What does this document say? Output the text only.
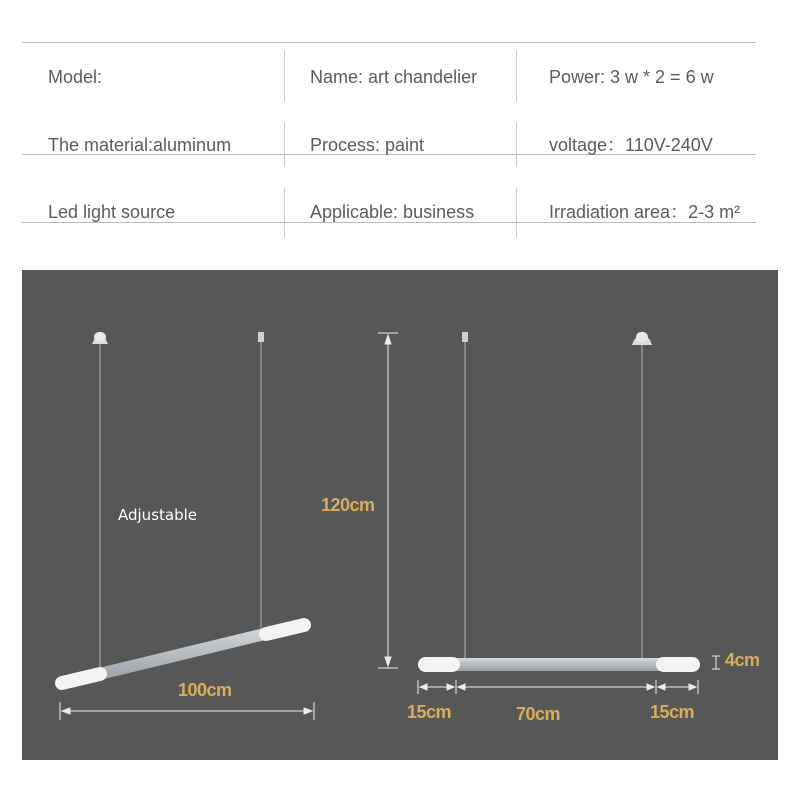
Model:	Name: art chandelier	Power: 3 w * 2 = 6 w
The material:aluminum	Process: paint	voltage：110V-240V
Led light source	Applicable: business	Irradiation area：2-3 m²
Adjustable
100cm
120cm
4cm
15cm	70cm	15cm
